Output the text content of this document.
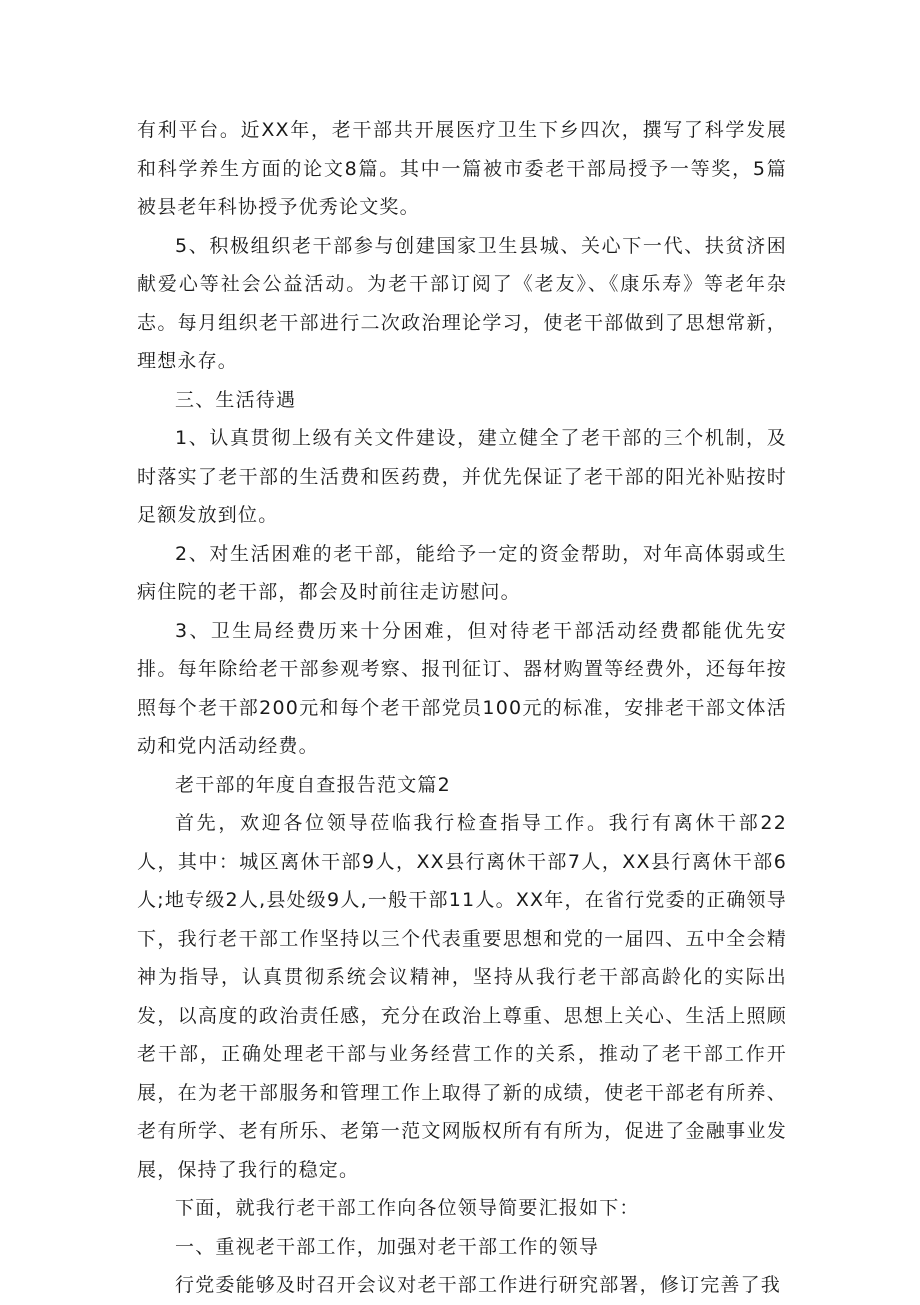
有利平台。近XX年，老干部共开展医疗卫生下乡四次，撰写了科学发展和科学养生方面的论文8篇。其中一篇被市委老干部局授予一等奖，5篇被县老年科协授予优秀论文奖。

5、积极组织老干部参与创建国家卫生县城、关心下一代、扶贫济困献爱心等社会公益活动。为老干部订阅了《老友》、《康乐寿》等老年杂志。每月组织老干部进行二次政治理论学习，使老干部做到了思想常新，理想永存。

三、生活待遇

1、认真贯彻上级有关文件建设，建立健全了老干部的三个机制，及时落实了老干部的生活费和医药费，并优先保证了老干部的阳光补贴按时足额发放到位。

2、对生活困难的老干部，能给予一定的资金帮助，对年高体弱或生病住院的老干部，都会及时前往走访慰问。

3、卫生局经费历来十分困难，但对待老干部活动经费都能优先安排。每年除给老干部参观考察、报刊征订、器材购置等经费外，还每年按照每个老干部200元和每个老干部党员100元的标准，安排老干部文体活动和党内活动经费。

老干部的年度自查报告范文篇2

首先，欢迎各位领导莅临我行检查指导工作。我行有离休干部22人，其中：城区离休干部9人，XX县行离休干部7人，XX县行离休干部6人;地专级2人,县处级9人,一般干部11人。XX年，在省行党委的正确领导下，我行老干部工作坚持以三个代表重要思想和党的一届四、五中全会精神为指导，认真贯彻系统会议精神，坚持从我行老干部高龄化的实际出发，以高度的政治责任感，充分在政治上尊重、思想上关心、生活上照顾老干部，正确处理老干部与业务经营工作的关系，推动了老干部工作开展，在为老干部服务和管理工作上取得了新的成绩，使老干部老有所养、老有所学、老有所乐、老第一范文网版权所有有所为，促进了金融事业发展，保持了我行的稳定。

下面，就我行老干部工作向各位领导简要汇报如下：

一、重视老干部工作，加强对老干部工作的领导

行党委能够及时召开会议对老干部工作进行研究部署，修订完善了我
